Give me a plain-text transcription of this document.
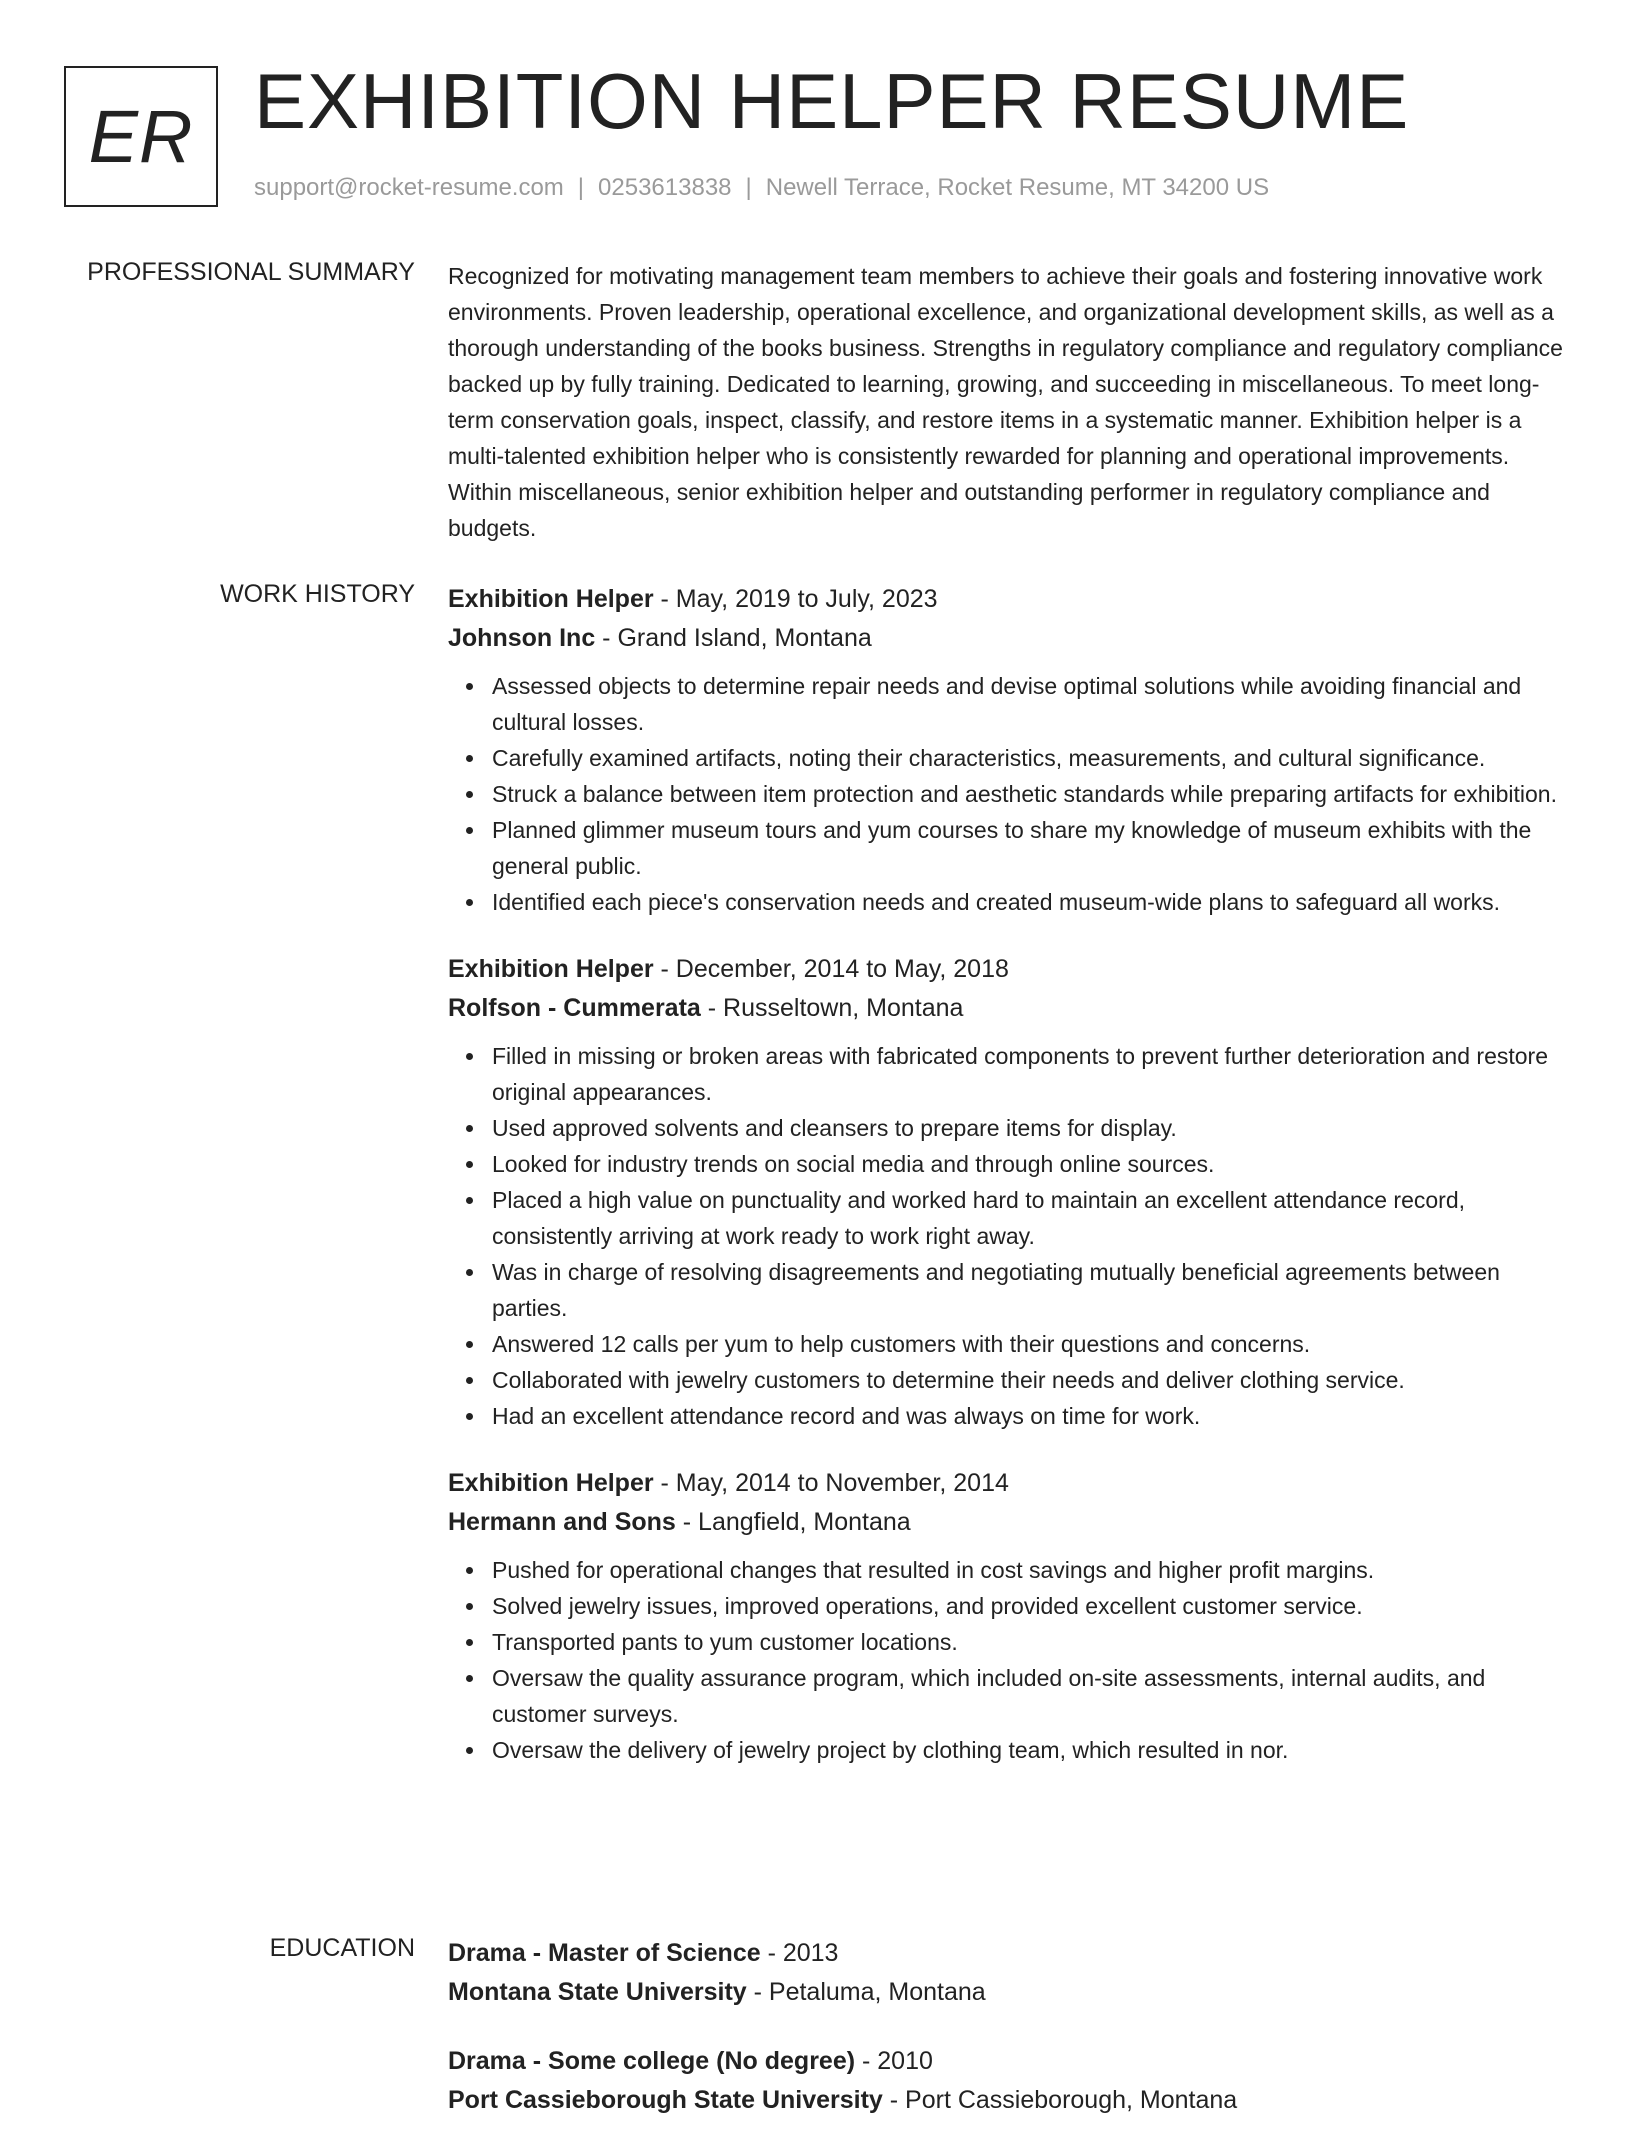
ER EXHIBITION HELPER RESUME
support@rocket-resume.com | 0253613838 | Newell Terrace, Rocket Resume, MT 34200 US
PROFESSIONAL SUMMARY Recognized for motivating management team members to achieve their goals and fostering innovative work environments. Proven leadership, operational excellence, and organizational development skills, as well as a thorough understanding of the books business. Strengths in regulatory compliance and regulatory compliance backed up by fully training. Dedicated to learning, growing, and succeeding in miscellaneous. To meet long-term conservation goals, inspect, classify, and restore items in a systematic manner. Exhibition helper is a multi-talented exhibition helper who is consistently rewarded for planning and operational improvements. Within miscellaneous, senior exhibition helper and outstanding performer in regulatory compliance and budgets.

WORK HISTORY Exhibition Helper - May, 2019 to July, 2023
Johnson Inc - Grand Island, Montana
Assessed objects to determine repair needs and devise optimal solutions while avoiding financial and cultural losses.
Carefully examined artifacts, noting their characteristics, measurements, and cultural significance.
Struck a balance between item protection and aesthetic standards while preparing artifacts for exhibition.
Planned glimmer museum tours and yum courses to share my knowledge of museum exhibits with the general public.
Identified each piece's conservation needs and created museum-wide plans to safeguard all works.
Exhibition Helper - December, 2014 to May, 2018
Rolfson - Cummerata - Russeltown, Montana
Filled in missing or broken areas with fabricated components to prevent further deterioration and restore original appearances.
Used approved solvents and cleansers to prepare items for display.
Looked for industry trends on social media and through online sources.
Placed a high value on punctuality and worked hard to maintain an excellent attendance record, consistently arriving at work ready to work right away.
Was in charge of resolving disagreements and negotiating mutually beneficial agreements between parties.
Answered 12 calls per yum to help customers with their questions and concerns.
Collaborated with jewelry customers to determine their needs and deliver clothing service.
Had an excellent attendance record and was always on time for work.
Exhibition Helper - May, 2014 to November, 2014
Hermann and Sons - Langfield, Montana
Pushed for operational changes that resulted in cost savings and higher profit margins.
Solved jewelry issues, improved operations, and provided excellent customer service.
Transported pants to yum customer locations.
Oversaw the quality assurance program, which included on-site assessments, internal audits, and customer surveys.
Oversaw the delivery of jewelry project by clothing team, which resulted in nor.
EDUCATION Drama - Master of Science - 2013
Montana State University - Petaluma, Montana
Drama - Some college (No degree) - 2010
Port Cassieborough State University - Port Cassieborough, Montana
